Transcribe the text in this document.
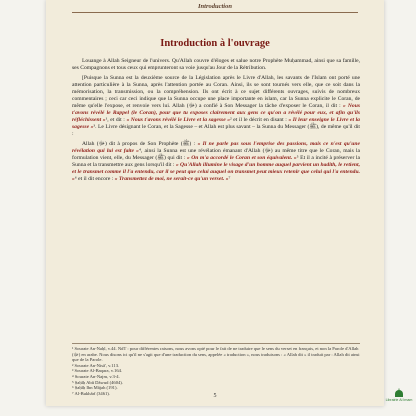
Introduction
Introduction à l'ouvrage

Louange à Allah Seigneur de l'univers. Qu'Allah couvre d'éloges et salue notre Prophète Muḥammad, ainsi que sa famille, ses Compagnons et tous ceux qui emprunteront sa voie jusqu'au Jour de la Rétribution.

[Puisque la Sunna est la deuxième source de la Législation après le Livre d'Allah, les savants de l'Islam ont porté une attention particulière à la Sunna, après l'attention portée au Coran. Ainsi, ils se sont tournés vers elle, que ce soit dans la mémorisation, la transmission, ou la compréhension. Ils ont écrit à ce sujet différents ouvrages, suivis de nombreux commentaires ; ceci car ceci indique que la Sunna occupe une place importante en islam, car la Sunna explicite le Coran, de même qu'elle l'expose, et renvoie vers lui. Allah (ﷻ) a confié à Son Messager la tâche d'exposer le Coran, il dit : « Nous t'avons révélé le Rappel (le Coran), pour que tu exposes clairement aux gens ce qu'on a révélé pour eux, et afin qu'ils réfléchissent »¹, et dit : « Nous t'avons révélé le Livre et la sagesse »² et il le décrit en disant : « Il leur enseigne le Livre et la sagesse »³. Le Livre désignant le Coran, et la Sagesse – et Allah est plus savant – la Sunna du Messager (ﷺ), de même qu'il dit :

Allah (ﷻ) dit à propos de Son Prophète (ﷺ) : « Il ne parle pas sous l'emprise des passions, mais ce n'est qu'une révélation qui lui est faite »⁴, ainsi la Sunna est une révélation émanant d'Allah (ﷻ) au même titre que le Coran, mais la formulation vient, elle, du Messager (ﷺ) qui dit : « On m'a accordé le Coran et son équivalent. »⁵ Et il a incité à préserver la Sunna et la transmettre aux gens lorsqu'il dit : « Qu'Allah illumine le visage d'un homme auquel parvient un hadith, le retient, et le transmet comme il l'a entendu, car il se peut que celui auquel on transmet peut mieux retenir que celui qui l'a entendu. »⁶ et il dit encore : « Transmettez de moi, ne serait-ce qu'un verset. »⁷

¹ Sourate An-Naḥl, v.44. NdT : pour différentes raisons, nous avons opté pour le fait de ne traduire que le sens du verset en français, et non la Parole d'Allah (ﷻ) en arabe. Nous disons ici qu'il ne s'agit que d'une traduction du sens, appelée « traduction », nous traduisons : « Allah dit » il traduit par : Allah dit ainsi que de la Parole.
² Sourate An-Nisâ', v.113.
³ Sourate Al-Baqara, v.164.
⁴ Sourate An-Najm, v.3-4.
⁵ Ṣaḥîḥ Abû Dâwud (4604).
⁶ Ṣaḥîḥ Ibn Mâjah (191).
⁷ Al-Bukhârî (3461).	5
Librairie Al Imam
